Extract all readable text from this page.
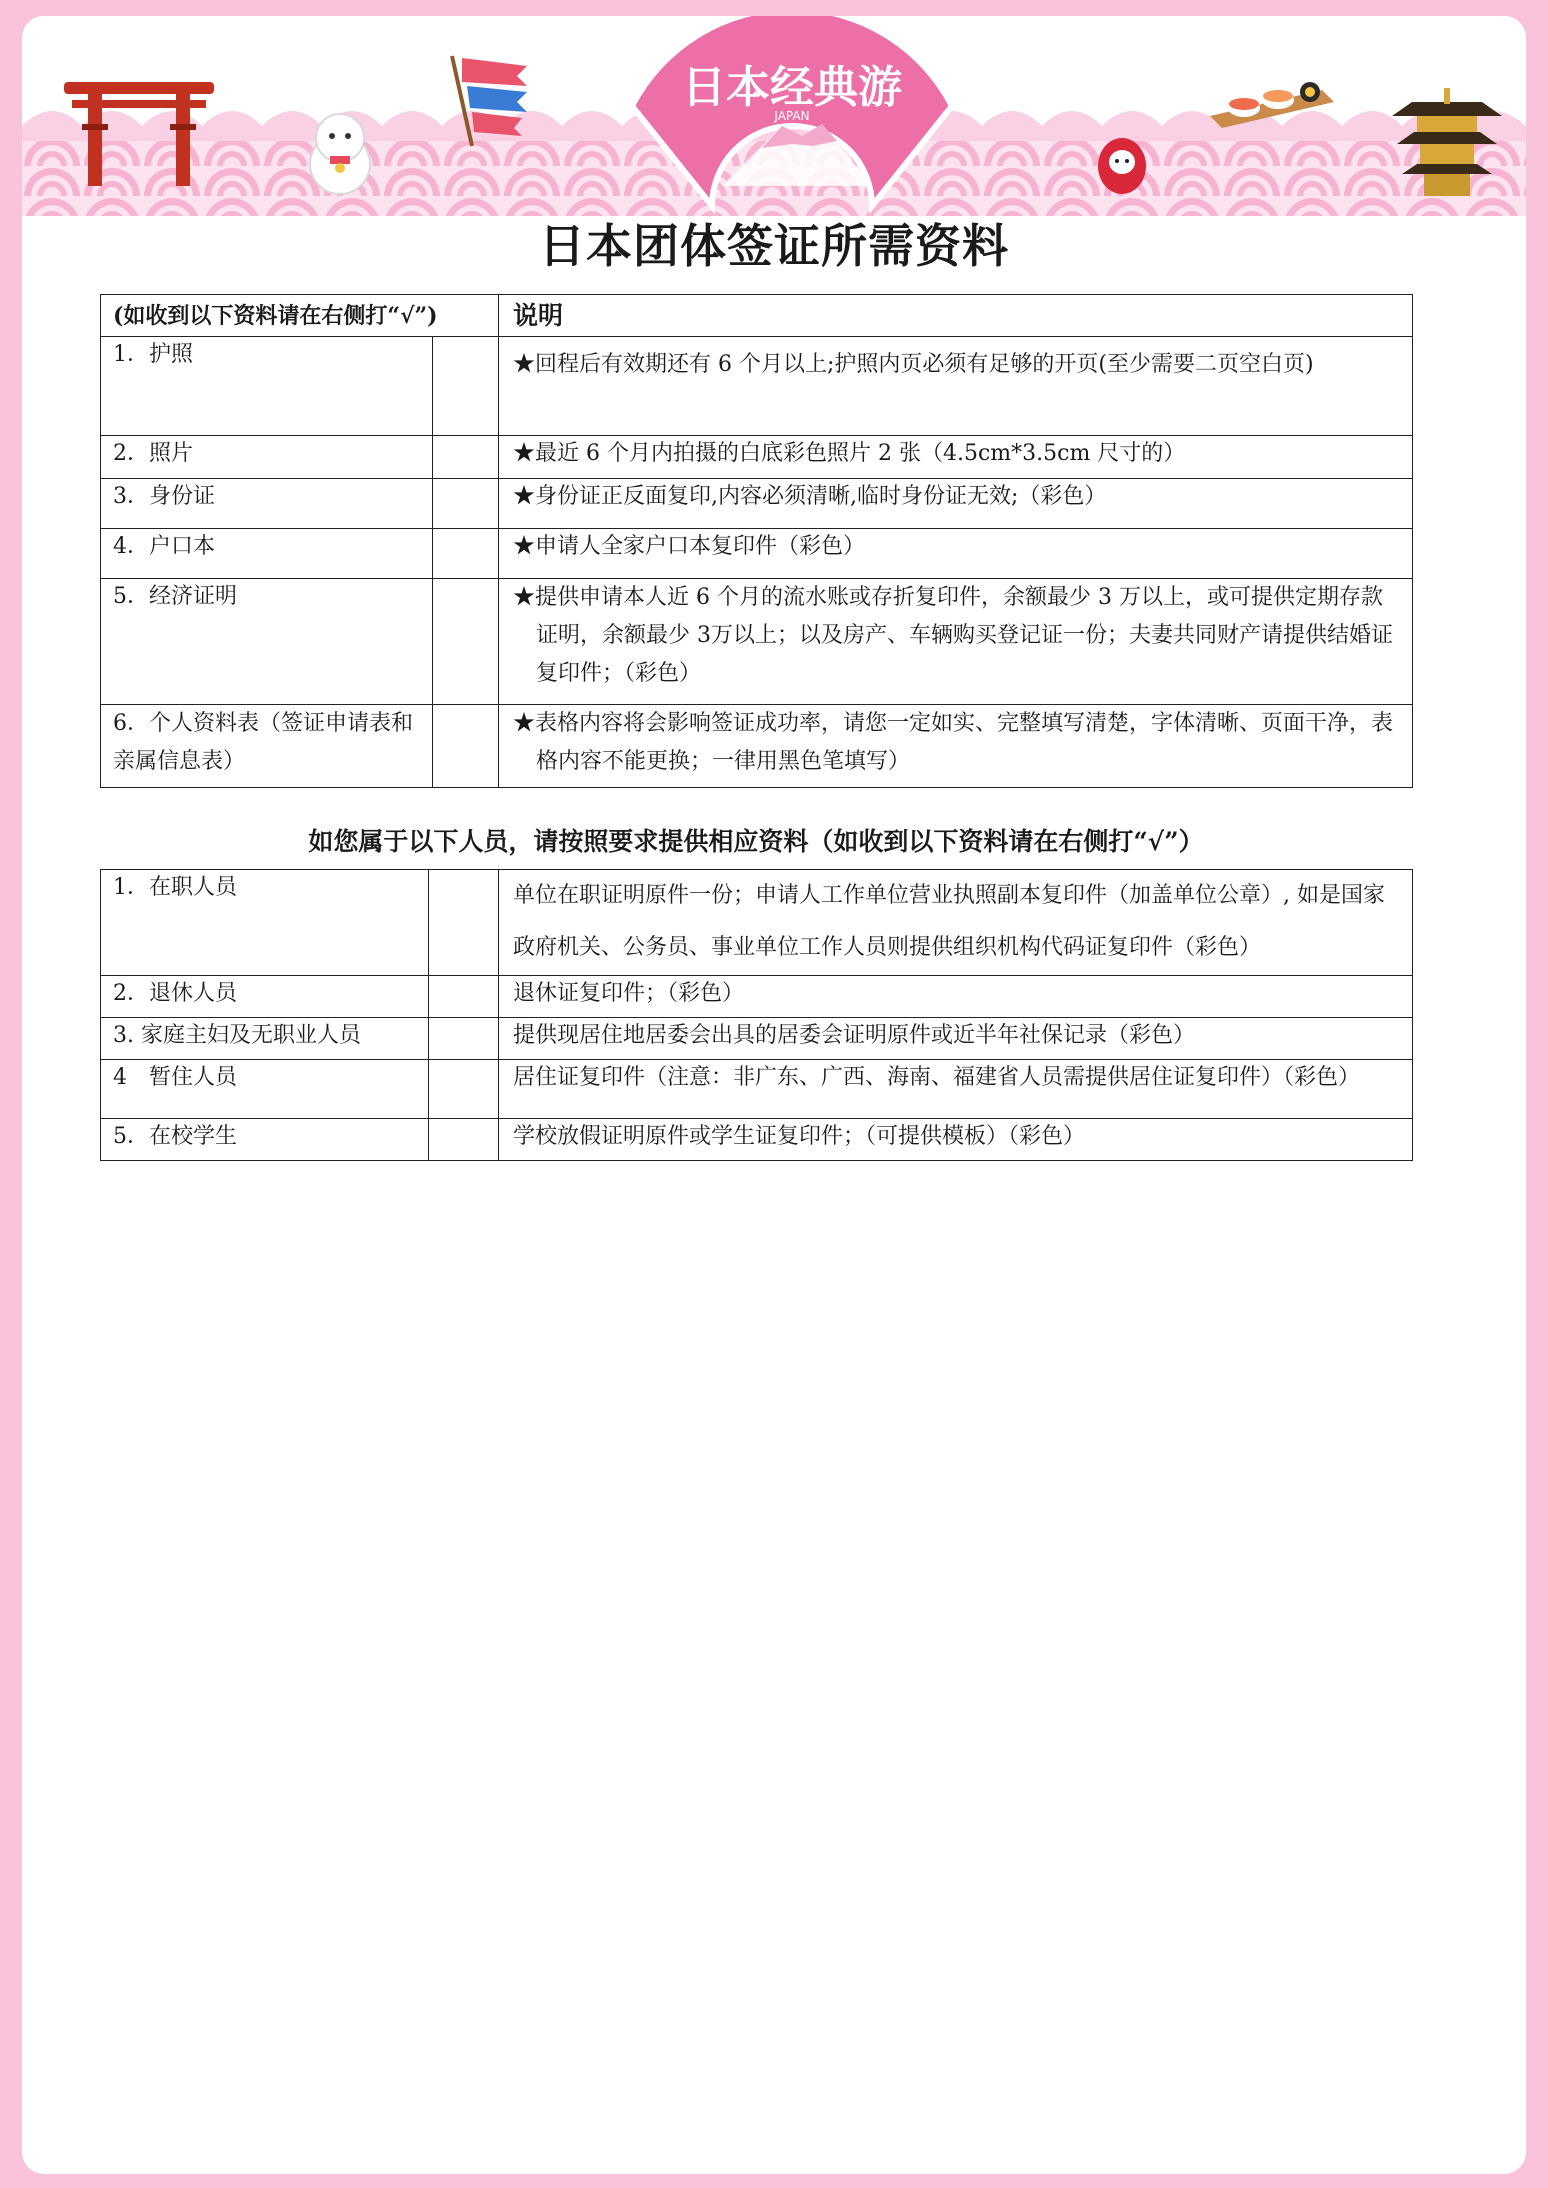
日本经典游
JAPAN
日本团体签证所需资料
(如收到以下资料请在右侧打“√”)		说明
1．护照		★回程后有效期还有 6 个月以上;护照内页必须有足够的开页(至少需要二页空白页)
2．照片		★最近 6 个月内拍摄的白底彩色照片 2 张（4.5cm*3.5cm 尺寸的）
3．身份证		★身份证正反面复印,内容必须清晰,临时身份证无效;（彩色）
4．户口本		★申请人全家户口本复印件（彩色）
5．经济证明		★提供申请本人近 6 个月的流水账或存折复印件，余额最少 3 万以上，或可提供定期存款证明，余额最少 3万以上；以及房产、车辆购买登记证一份；夫妻共同财产请提供结婚证复印件；（彩色）
6．个人资料表（签证申请表和亲属信息表）		★表格内容将会影响签证成功率，请您一定如实、完整填写清楚，字体清晰、页面干净，表格内容不能更换；一律用黑色笔填写）
如您属于以下人员，请按照要求提供相应资料（如收到以下资料请在右侧打“√”）
1．在职人员		单位在职证明原件一份；申请人工作单位营业执照副本复印件（加盖单位公章）, 如是国家政府机关、公务员、事业单位工作人员则提供组织机构代码证复印件（彩色）
2．退休人员		退休证复印件；（彩色）
3. 家庭主妇及无职业人员		提供现居住地居委会出具的居委会证明原件或近半年社保记录（彩色）
4　暂住人员		居住证复印件（注意：非广东、广西、海南、福建省人员需提供居住证复印件）（彩色）
5．在校学生		学校放假证明原件或学生证复印件；（可提供模板）（彩色）
